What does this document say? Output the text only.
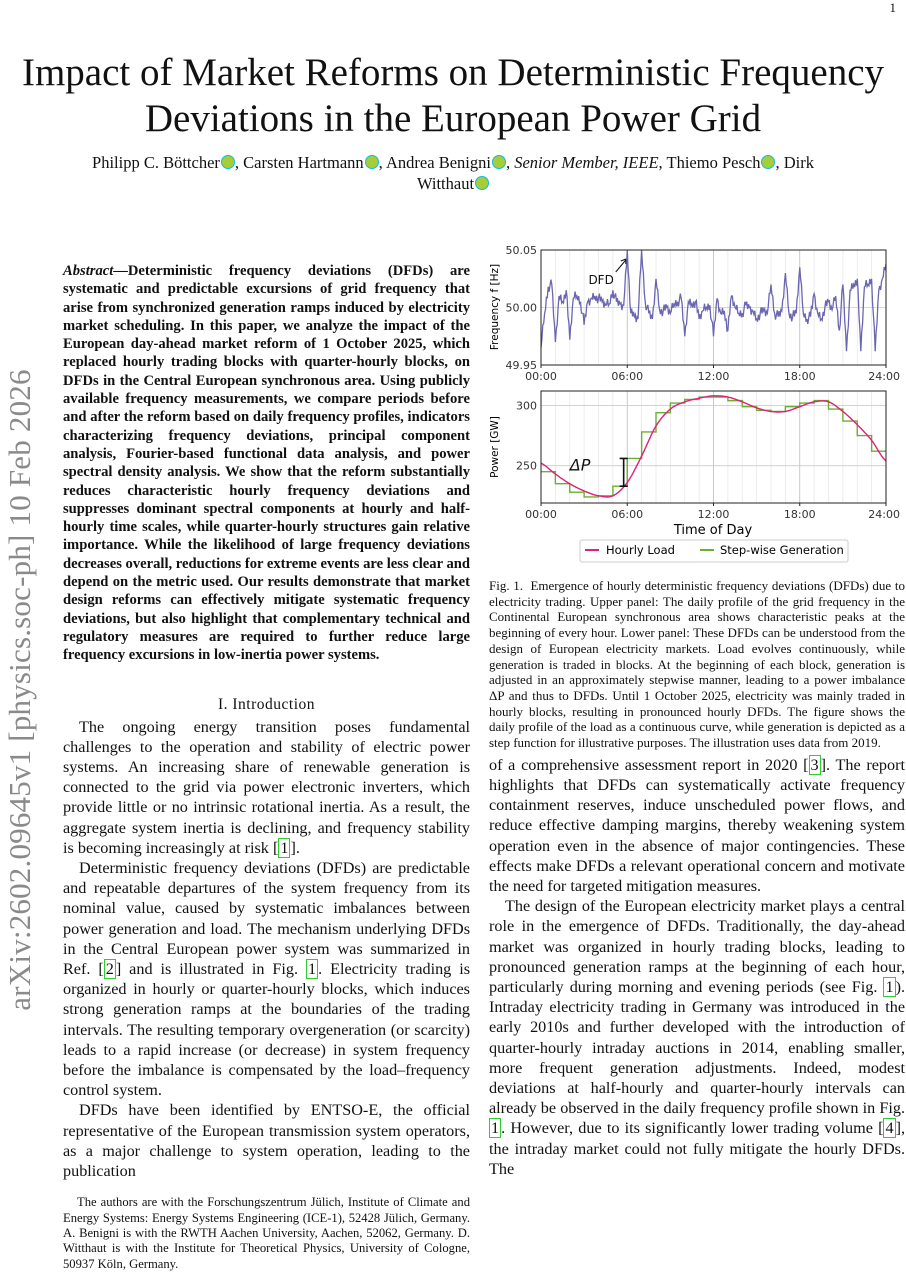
1
arXiv:2602.09645v1 [physics.soc-ph] 10 Feb 2026
Impact of Market Reforms on Deterministic Frequency Deviations in the European Power Grid
Philipp C. Böttcher , Carsten Hartmann , Andrea Benigni , Senior Member, IEEE, Thiemo Pesch , Dirk Witthaut
Abstract—Deterministic frequency deviations (DFDs) are systematic and predictable excursions of grid frequency that arise from synchronized generation ramps induced by electricity market scheduling. In this paper, we analyze the impact of the European day-ahead market reform of 1 October 2025, which replaced hourly trading blocks with quarter-hourly blocks, on DFDs in the Central European synchronous area. Using publicly available frequency measurements, we compare periods before and after the reform based on daily frequency profiles, indicators characterizing frequency deviations, principal component analysis, Fourier-based functional data analysis, and power spectral density analysis. We show that the reform substantially reduces characteristic hourly frequency deviations and suppresses dominant spectral components at hourly and half-hourly time scales, while quarter-hourly structures gain relative importance. While the likelihood of large frequency deviations decreases overall, reductions for extreme events are less clear and depend on the metric used. Our results demonstrate that market design reforms can effectively mitigate systematic frequency deviations, but also highlight that complementary technical and regulatory measures are required to further reduce large frequency excursions in low-inertia power systems.
I. Introduction

The ongoing energy transition poses fundamental challenges to the operation and stability of electric power systems. An increasing share of renewable generation is connected to the grid via power electronic inverters, which provide little or no intrinsic rotational inertia. As a result, the aggregate system inertia is declining, and frequency stability is becoming increasingly at risk [ 1 ].

Deterministic frequency deviations (DFDs) are predictable and repeatable departures of the system frequency from its nominal value, caused by systematic imbalances between power generation and load. The mechanism underlying DFDs in the Central European power system was summarized in Ref. [ 2 ] and is illustrated in Fig. 1 . Electricity trading is organized in hourly or quarter-hourly blocks, which induces strong generation ramps at the boundaries of the trading intervals. The resulting temporary overgeneration (or scarcity) leads to a rapid increase (or decrease) in system frequency before the imbalance is compensated by the load–frequency control system.

DFDs have been identified by ENTSO-E, the official representative of the European transmission system operators, as a major challenge to system operation, leading to the publication

The authors are with the Forschungszentrum Jülich, Institute of Climate and Energy Systems: Energy Systems Engineering (ICE-1), 52428 Jülich, Germany. A. Benigni is with the RWTH Aachen University, Aachen, 52062, Germany. D. Witthaut is with the Institute for Theoretical Physics, University of Cologne, 50937 Köln, Germany.

49.95
50.00
50.05
DFD
00:00	06:00	12:00	18:00	24:00
250
300
ΔP
00:00	06:00	12:00	18:00	24:00
Time of Day
Frequency f [Hz]
Power [GW]
Hourly Load	Step-wise Generation
Fig. 1. Emergence of hourly deterministic frequency deviations (DFDs) due to electricity trading. Upper panel: The daily profile of the grid frequency in the Continental European synchronous area shows characteristic peaks at the beginning of every hour. Lower panel: These DFDs can be understood from the design of European electricity markets. Load evolves continuously, while generation is traded in blocks. At the beginning of each block, generation is adjusted in an approximately stepwise manner, leading to a power imbalance ΔP and thus to DFDs. Until 1 October 2025, electricity was mainly traded in hourly blocks, resulting in pronounced hourly DFDs. The figure shows the daily profile of the load as a continuous curve, while generation is depicted as a step function for illustrative purposes. The illustration uses data from 2019.

of a comprehensive assessment report in 2020 [ 3 ]. The report highlights that DFDs can systematically activate frequency containment reserves, induce unscheduled power flows, and reduce effective damping margins, thereby weakening system operation even in the absence of major contingencies. These effects make DFDs a relevant operational concern and motivate the need for targeted mitigation measures.

The design of the European electricity market plays a central role in the emergence of DFDs. Traditionally, the day-ahead market was organized in hourly trading blocks, leading to pronounced generation ramps at the beginning of each hour, particularly during morning and evening periods (see Fig. 1 ). Intraday electricity trading in Germany was introduced in the early 2010s and further developed with the introduction of quarter-hourly intraday auctions in 2014, enabling smaller, more frequent generation adjustments. Indeed, modest deviations at half-hourly and quarter-hourly intervals can already be observed in the daily frequency profile shown in Fig. 1 . However, due to its significantly lower trading volume [ 4 ], the intraday market could not fully mitigate the hourly DFDs. The
